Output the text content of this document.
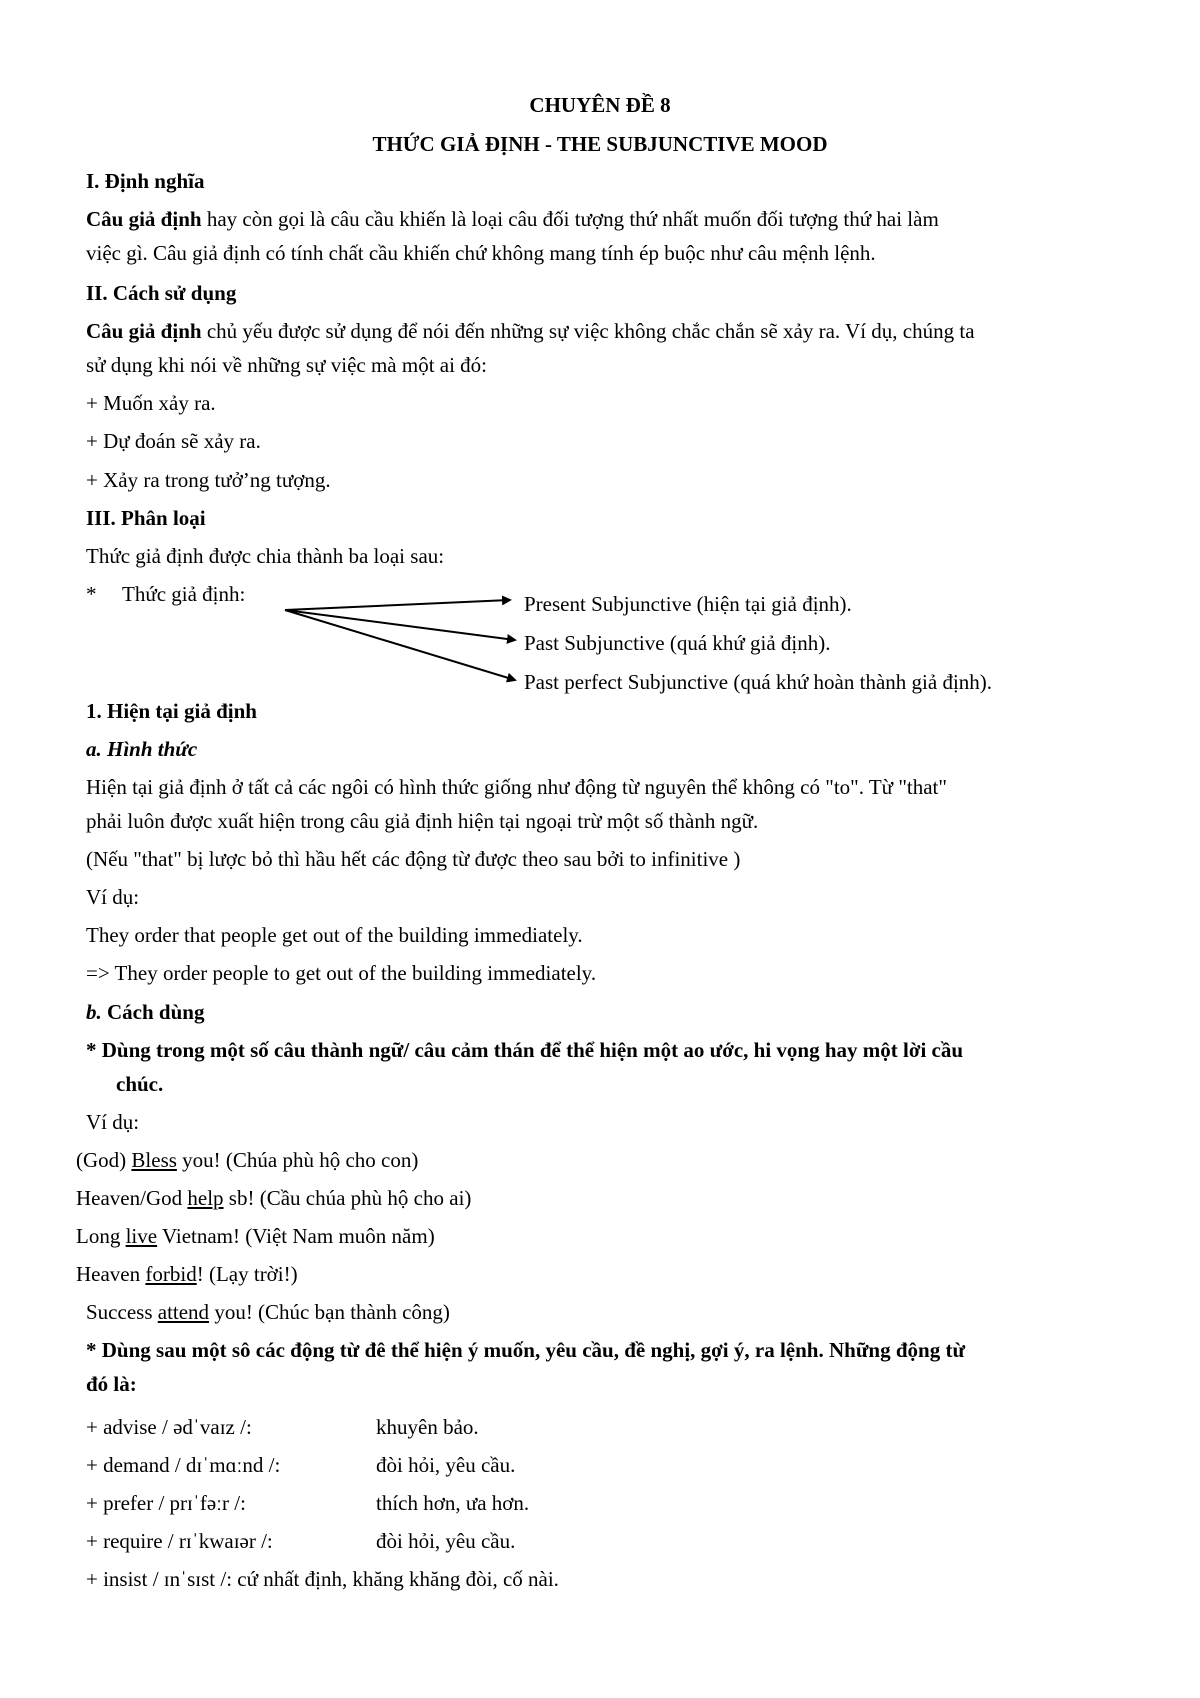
CHUYÊN ĐỀ 8
THỨC GIẢ ĐỊNH - THE SUBJUNCTIVE MOOD
I. Định nghĩa
Câu giả định hay còn gọi là câu cầu khiến là loại câu đối tượng thứ nhất muốn đối tượng thứ hai làm
việc gì. Câu giả định có tính chất cầu khiến chứ không mang tính ép buộc như câu mệnh lệnh.
II. Cách sử dụng
Câu giả định chủ yếu được sử dụng để nói đến những sự việc không chắc chắn sẽ xảy ra. Ví dụ, chúng ta
sử dụng khi nói về những sự việc mà một ai đó:
+ Muốn xảy ra.
+ Dự đoán sẽ xảy ra.
+ Xảy ra trong tưở’ng tượng.
III. Phân loại
Thức giả định được chia thành ba loại sau:
* Thức giả định:	Present Subjunctive (hiện tại giả định).
Past Subjunctive (quá khứ giả định).
Past perfect Subjunctive (quá khứ hoàn thành giả định).
1. Hiện tại giả định
a. Hình thức
Hiện tại giả định ở tất cả các ngôi có hình thức giống như động từ nguyên thể không có "to". Từ "that"
phải luôn được xuất hiện trong câu giả định hiện tại ngoại trừ một số thành ngữ.
(Nếu "that" bị lược bỏ thì hầu hết các động từ được theo sau bởi to infinitive )
Ví dụ:
They order that people get out of the building immediately.
=> They order people to get out of the building immediately.
b. Cách dùng
* Dùng trong một số câu thành ngữ/ câu cảm thán để thể hiện một ao ước, hi vọng hay một lời cầu
chúc.
Ví dụ:
(God) Bless you! (Chúa phù hộ cho con)
Heaven/God help sb! (Cầu chúa phù hộ cho ai)
Long live Vietnam! (Việt Nam muôn năm)
Heaven forbid! (Lạy trời!)
Success attend you! (Chúc bạn thành công)
* Dùng sau một sô các động từ đê thể hiện ý muốn, yêu cầu, đề nghị, gợi ý, ra lệnh. Những động từ
đó là:
+ advise / ədˈvaɪz /:	khuyên bảo.
+ demand / dɪˈmɑːnd /:	đòi hỏi, yêu cầu.
+ prefer / prɪˈfəːr /:	thích hơn, ưa hơn.
+ require / rɪˈkwaɪər /:	đòi hỏi, yêu cầu.
+ insist / ɪnˈsɪst /: cứ nhất định, khăng khăng đòi, cố nài.
